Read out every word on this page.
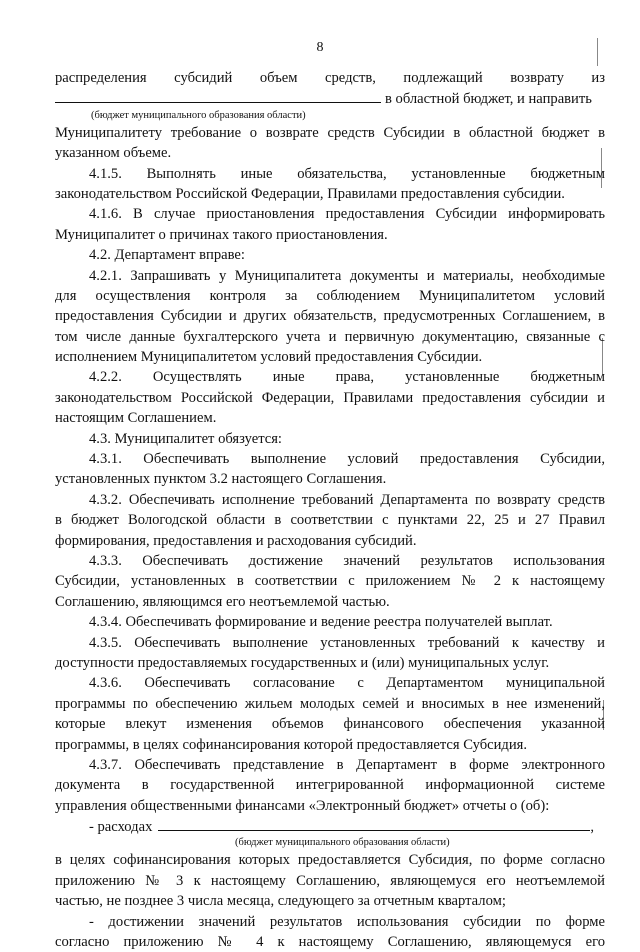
8
распределения субсидий объем средств, подлежащий возврату из
в областной бюджет, и направить
(бюджет муниципального образования области)
Муниципалитету требование о возврате средств Субсидии в областной бюджет в
указанном объеме.
4.1.5. Выполнять иные обязательства, установленные бюджетным
законодательством Российской Федерации, Правилами предоставления субсидии.
4.1.6. В случае приостановления предоставления Субсидии информировать
Муниципалитет о причинах такого приостановления.
4.2. Департамент вправе:
4.2.1. Запрашивать у Муниципалитета документы и материалы, необходимые
для осуществления контроля за соблюдением Муниципалитетом условий
предоставления Субсидии и других обязательств, предусмотренных Соглашением, в
том числе данные бухгалтерского учета и первичную документацию, связанные с
исполнением Муниципалитетом условий предоставления Субсидии.
4.2.2. Осуществлять иные права, установленные бюджетным
законодательством Российской Федерации, Правилами предоставления субсидии и
настоящим Соглашением.
4.3. Муниципалитет обязуется:
4.3.1. Обеспечивать выполнение условий предоставления Субсидии,
установленных пунктом 3.2 настоящего Соглашения.
4.3.2. Обеспечивать исполнение требований Департамента по возврату средств
в бюджет Вологодской области в соответствии с пунктами 22, 25 и 27 Правил
формирования, предоставления и расходования субсидий.
4.3.3. Обеспечивать достижение значений результатов использования
Субсидии, установленных в соответствии с приложением № 2 к настоящему
Соглашению, являющимся его неотъемлемой частью.
4.3.4. Обеспечивать формирование и ведение реестра получателей выплат.
4.3.5. Обеспечивать выполнение установленных требований к качеству и
доступности предоставляемых государственных и (или) муниципальных услуг.
4.3.6. Обеспечивать согласование с Департаментом муниципальной
программы по обеспечению жильем молодых семей и вносимых в нее изменений,
которые влекут изменения объемов финансового обеспечения указанной
программы, в целях софинансирования которой предоставляется Субсидия.
4.3.7. Обеспечивать представление в Департамент в форме электронного
документа в государственной интегрированной информационной системе
управления общественными финансами «Электронный бюджет» отчеты о (об):
- расходах	,
(бюджет муниципального образования области)
в целях софинансирования которых предоставляется Субсидия, по форме согласно
приложению № 3 к настоящему Соглашению, являющемуся его неотъемлемой
частью, не позднее 3 числа месяца, следующего за отчетным кварталом;
- достижении значений результатов использования субсидии по форме
согласно приложению № 4 к настоящему Соглашению, являющемуся его
